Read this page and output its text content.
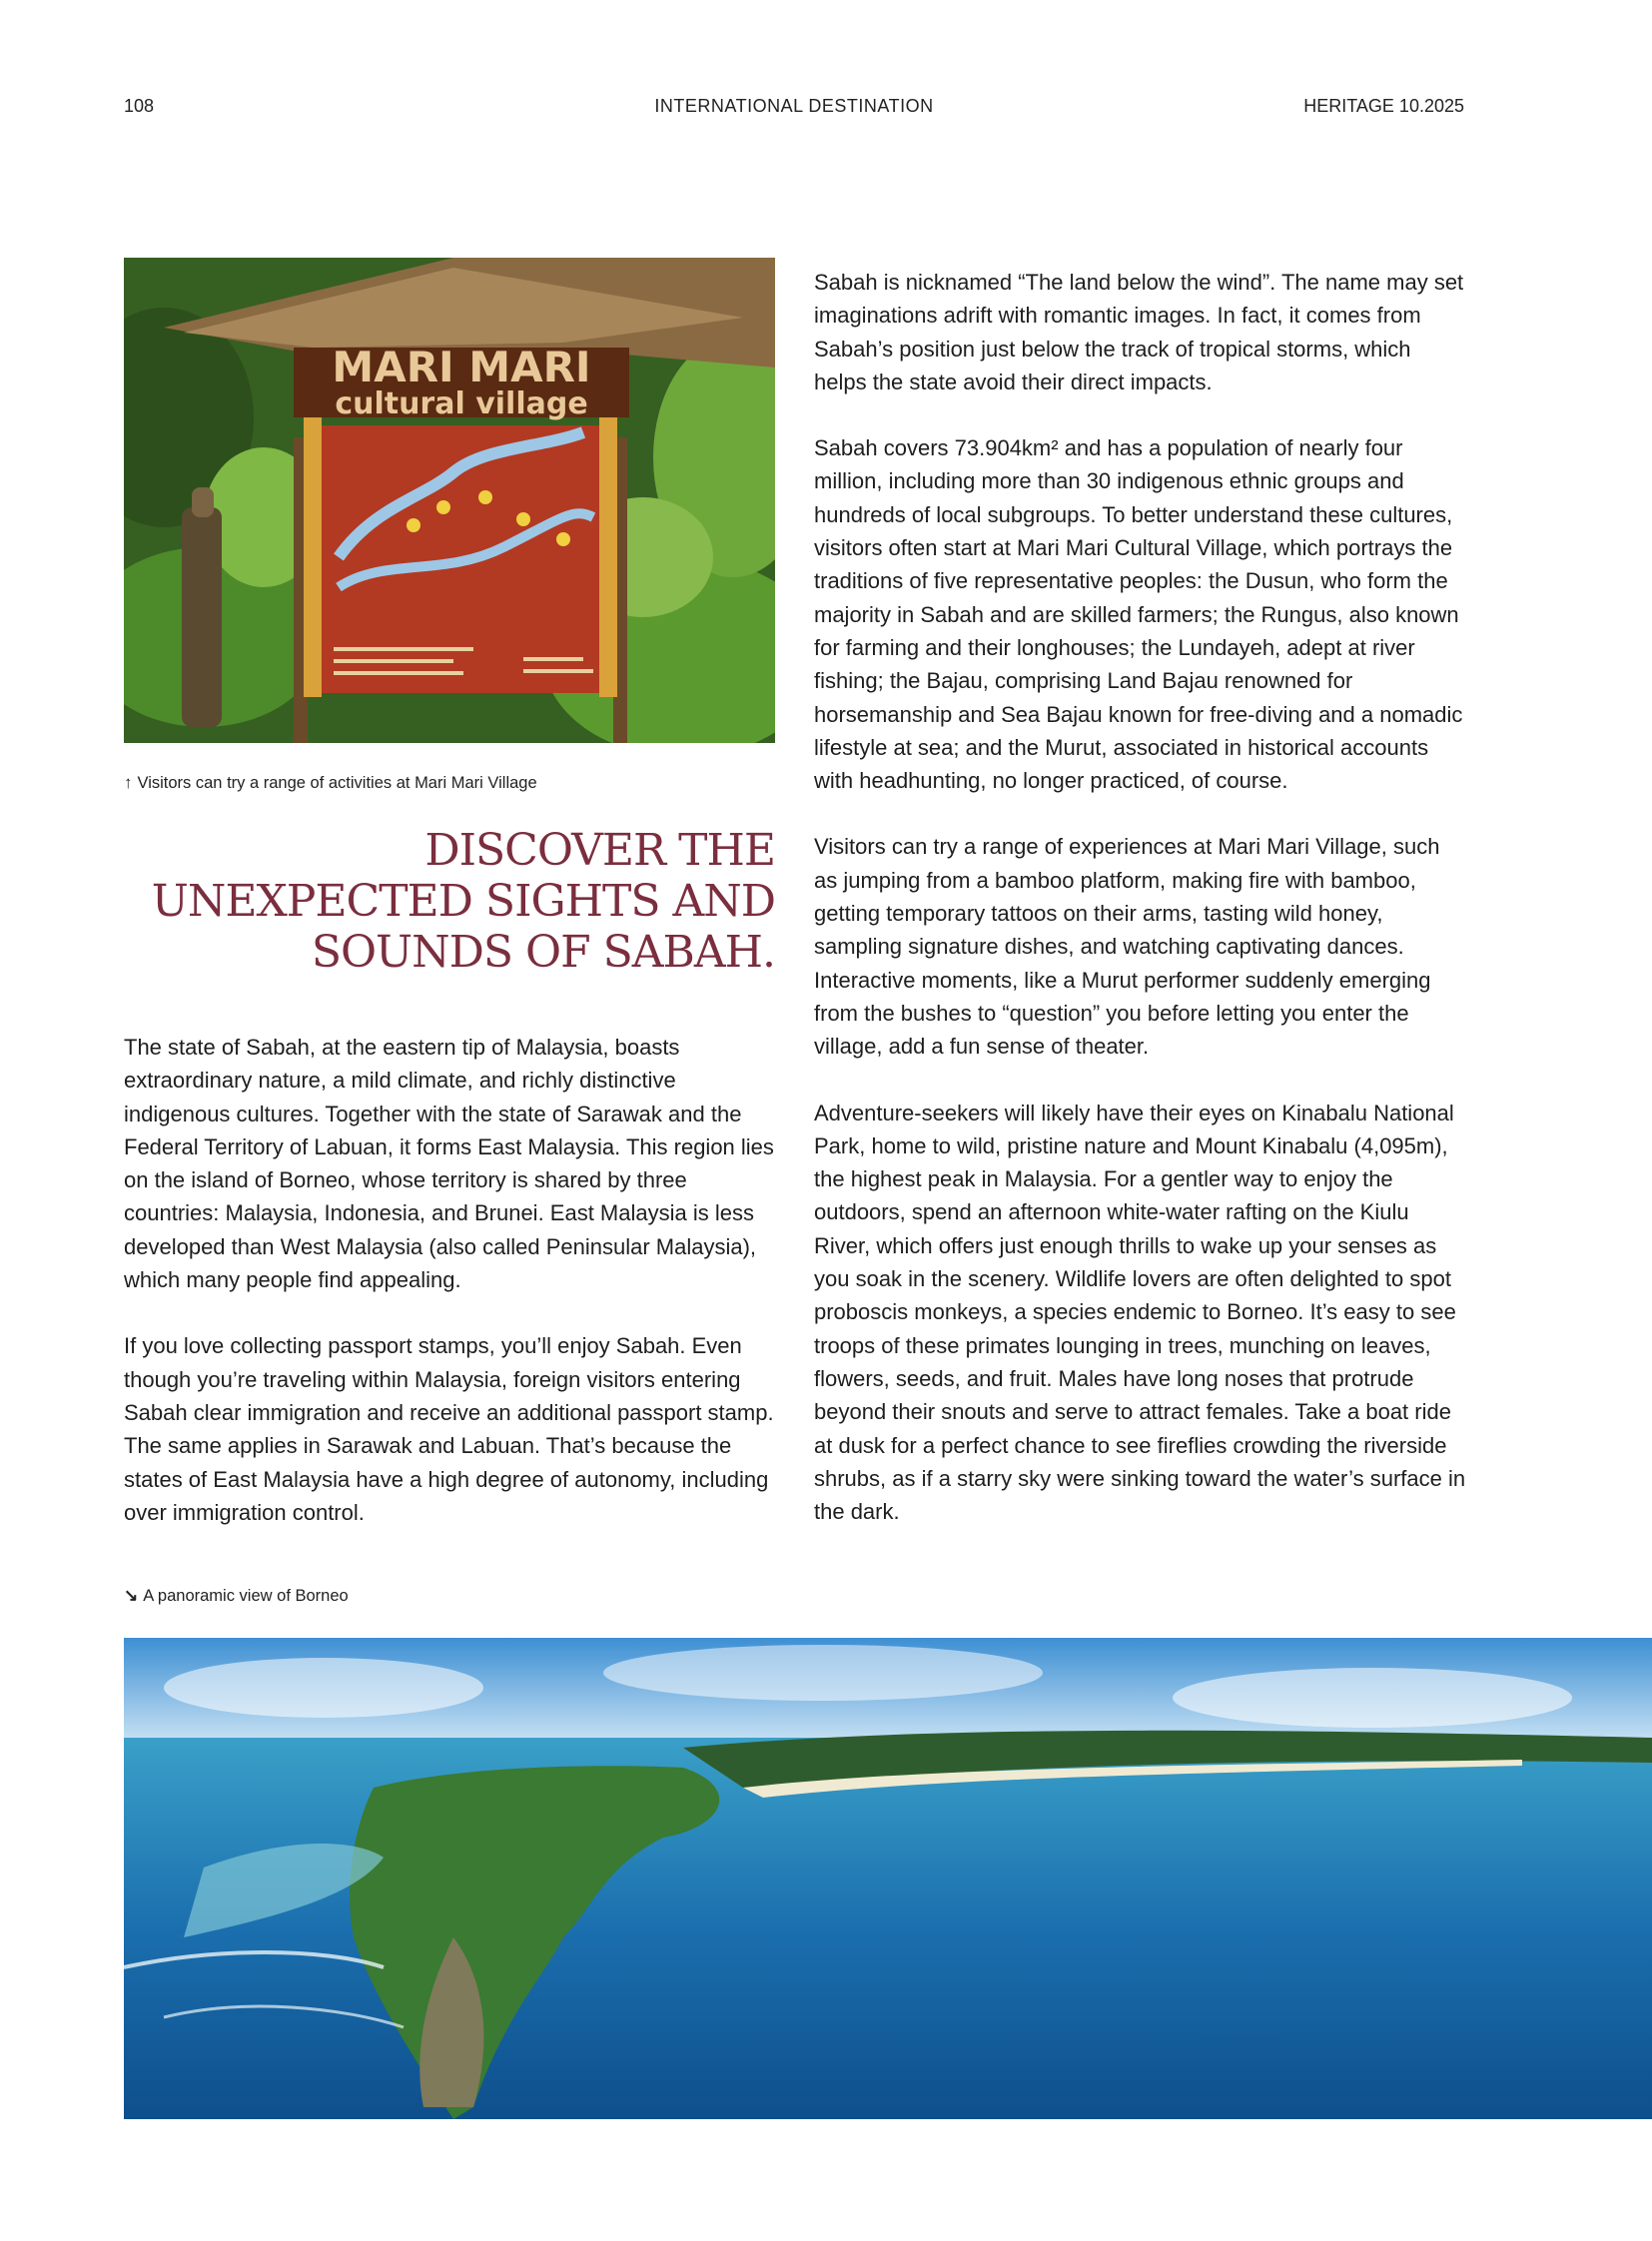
108	INTERNATIONAL DESTINATION	HERITAGE 10.2025
MARI MARI
cultural village
↑ Visitors can try a range of activities at Mari Mari Village
DISCOVER THE
UNEXPECTED SIGHTS AND
SOUNDS OF SABAH.

The state of Sabah, at the eastern tip of Malaysia, boasts extraordinary nature, a mild climate, and richly distinctive indigenous cultures. Together with the state of Sarawak and the Federal Territory of Labuan, it forms East Malaysia. This region lies on the island of Borneo, whose territory is shared by three countries: Malaysia, Indonesia, and Brunei. East Malaysia is less developed than West Malaysia (also called Peninsular Malaysia), which many people find appealing.

If you love collecting passport stamps, you’ll enjoy Sabah. Even though you’re traveling within Malaysia, foreign visitors entering Sabah clear immigration and receive an additional passport stamp. The same applies in Sarawak and Labuan. That’s because the states of East Malaysia have a high degree of autonomy, including over immigration control.

Sabah is nicknamed “The land below the wind”. The name may set imaginations adrift with romantic images. In fact, it comes from Sabah’s position just below the track of tropical storms, which helps the state avoid their direct impacts.

Sabah covers 73.904km² and has a population of nearly four million, including more than 30 indigenous ethnic groups and hundreds of local subgroups. To better understand these cultures, visitors often start at Mari Mari Cultural Village, which portrays the traditions of five representative peoples: the Dusun, who form the majority in Sabah and are skilled farmers; the Rungus, also known for farming and their longhouses; the Lundayeh, adept at river fishing; the Bajau, comprising Land Bajau renowned for horsemanship and Sea Bajau known for free-diving and a nomadic lifestyle at sea; and the Murut, associated in historical accounts with headhunting, no longer practiced, of course.

Visitors can try a range of experiences at Mari Mari Village, such as jumping from a bamboo platform, making fire with bamboo, getting temporary tattoos on their arms, tasting wild honey, sampling signature dishes, and watching captivating dances. Interactive moments, like a Murut performer suddenly emerging from the bushes to “question” you before letting you enter the village, add a fun sense of theater.

Adventure-seekers will likely have their eyes on Kinabalu National Park, home to wild, pristine nature and Mount Kinabalu (4,095m), the highest peak in Malaysia. For a gentler way to enjoy the outdoors, spend an afternoon white-water rafting on the Kiulu River, which offers just enough thrills to wake up your senses as you soak in the scenery. Wildlife lovers are often delighted to spot proboscis monkeys, a species endemic to Borneo. It’s easy to see troops of these primates lounging in trees, munching on leaves, flowers, seeds, and fruit. Males have long noses that protrude beyond their snouts and serve to attract females. Take a boat ride at dusk for a perfect chance to see fireflies crowding the riverside shrubs, as if a starry sky were sinking toward the water’s surface in the dark.

↘ A panoramic view of Borneo
